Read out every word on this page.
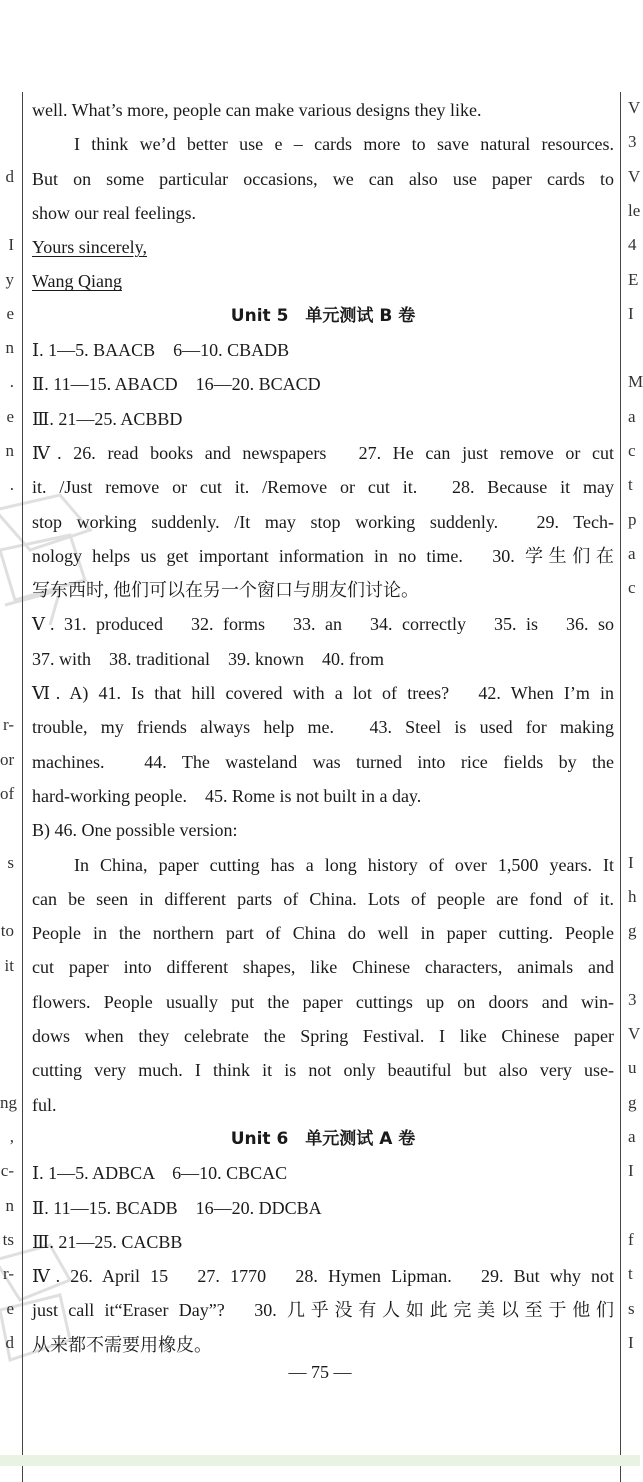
well. What’s more, people can make various designs they like.
I think we’d better use e – cards more to save natural resources.
But on some particular occasions, we can also use paper cards to
show our real feelings.
Yours sincerely,
Wang Qiang
Unit 5　单元测试 B 卷
Ⅰ. 1—5. BAACB　6—10. CBADB
Ⅱ. 11—15. ABACD　16—20. BCACD
Ⅲ. 21—25. ACBBD
Ⅳ. 26. read books and newspapers　27. He can just remove or cut
it. /Just remove or cut it. /Remove or cut it.　28. Because it may
stop working suddenly. /It may stop working suddenly.　29. Tech-
nology helps us get important information in no time.　30. 学生们在
写东西时, 他们可以在另一个窗口与朋友们讨论。
Ⅴ. 31. produced　32. forms　33. an　34. correctly　35. is　36. so
37. with　38. traditional　39. known　40. from
Ⅵ. A) 41. Is that hill covered with a lot of trees?　42. When I’m in
trouble, my friends always help me.　43. Steel is used for making
machines.　44. The wasteland was turned into rice fields by the
hard-working people.　45. Rome is not built in a day.
B) 46. One possible version:
In China, paper cutting has a long history of over 1,500 years. It
can be seen in different parts of China. Lots of people are fond of it.
People in the northern part of China do well in paper cutting. People
cut paper into different shapes, like Chinese characters, animals and
flowers. People usually put the paper cuttings up on doors and win-
dows when they celebrate the Spring Festival. I like Chinese paper
cutting very much. I think it is not only beautiful but also very use-
ful.
Unit 6　单元测试 A 卷
Ⅰ. 1—5. ADBCA　6—10. CBCAC
Ⅱ. 11—15. BCADB　16—20. DDCBA
Ⅲ. 21—25. CACBB
Ⅳ. 26. April 15　27. 1770　28. Hymen Lipman.　29. But why not
just call it“Eraser Day”?　30. 几乎没有人如此完美以至于他们
从来都不需要用橡皮。
d
I
y
e
n
.
e
n
.
r-
or
of
s
to
it
ng
,
c-
n
ts
r-
e
d
V
3
V
le
4
E
I
M
a
c
t
p
a
c
I
h
g
3
V
u
g
a
I
f
t
s
I
— 75 —
